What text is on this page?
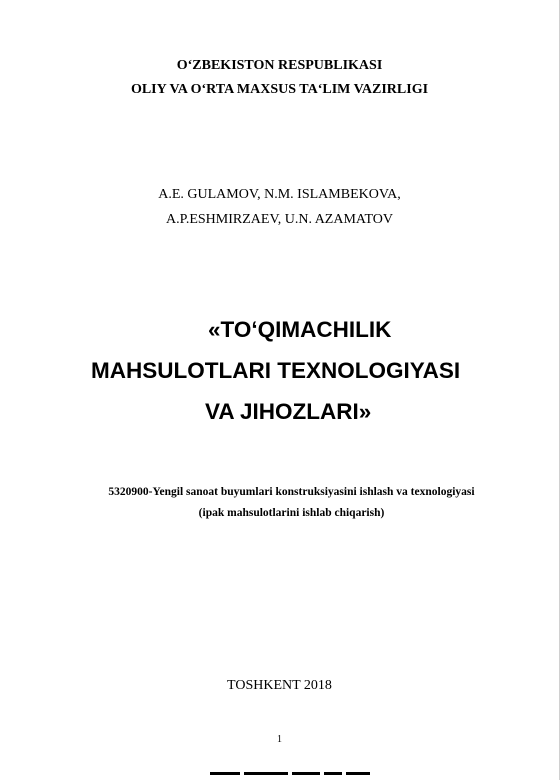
O‘ZBEKISTON RESPUBLIKASI
OLIY VA O‘RTA MAXSUS TA‘LIM VAZIRLIGI
A.E. GULAMOV, N.M. ISLAMBEKOVA,
A.P.ESHMIRZAEV, U.N. AZAMATOV
«TO‘QIMACHILIK
MAHSULOTLARI TEXNOLOGIYASI
VA JIHOZLARI»
5320900-Yengil sanoat buyumlari konstruksiyasini ishlash va texnologiyasi
(ipak mahsulotlarini ishlab chiqarish)
TOSHKENT 2018
1
